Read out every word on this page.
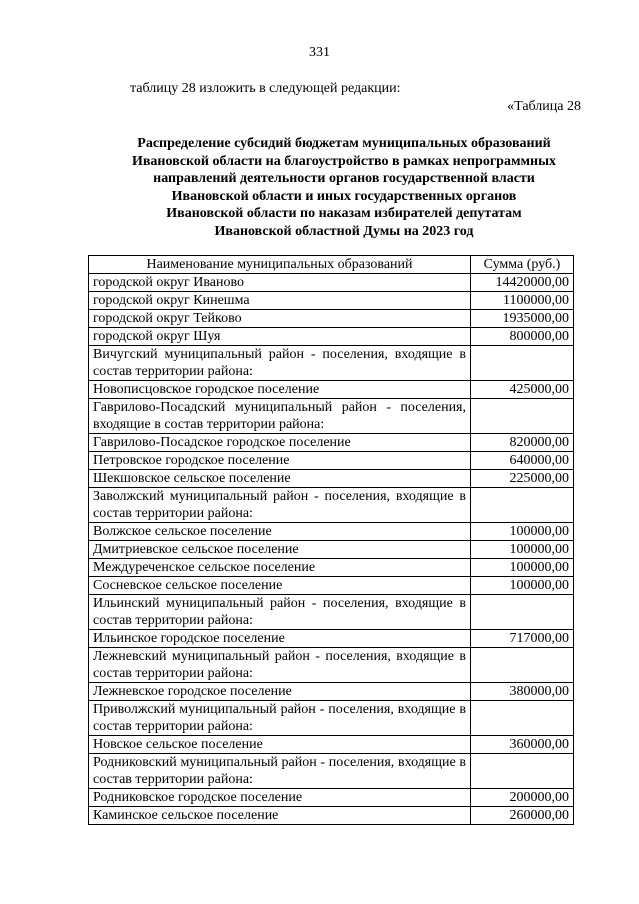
331
таблицу 28 изложить в следующей редакции:
«Таблица 28
Распределение субсидий бюджетам муниципальных образований
Ивановской области на благоустройство в рамках непрограммных
направлений деятельности органов государственной власти
Ивановской области и иных государственных органов
Ивановской области по наказам избирателей депутатам
Ивановской областной Думы на 2023 год
Наименование муниципальных образований	Сумма (руб.)
городской округ Иваново	14420000,00
городской округ Кинешма	1100000,00
городской округ Тейково	1935000,00
городской округ Шуя	800000,00
Вичугский муниципальный район - поселения, входящие в состав территории района:	
Новописцовское городское поселение	425000,00
Гаврилово-Посадский муниципальный район - поселения, входящие в состав территории района:	
Гаврилово-Посадское городское поселение	820000,00
Петровское городское поселение	640000,00
Шекшовское сельское поселение	225000,00
Заволжский муниципальный район - поселения, входящие в состав территории района:	
Волжское сельское поселение	100000,00
Дмитриевское сельское поселение	100000,00
Междуреченское сельское поселение	100000,00
Сосневское сельское поселение	100000,00
Ильинский муниципальный район - поселения, входящие в состав территории района:	
Ильинское городское поселение	717000,00
Лежневский муниципальный район - поселения, входящие в состав территории района:	
Лежневское городское поселение	380000,00
Приволжский муниципальный район - поселения, входящие в состав территории района:	
Новское сельское поселение	360000,00
Родниковский муниципальный район - поселения, входящие в состав территории района:	
Родниковское городское поселение	200000,00
Каминское сельское поселение	260000,00
